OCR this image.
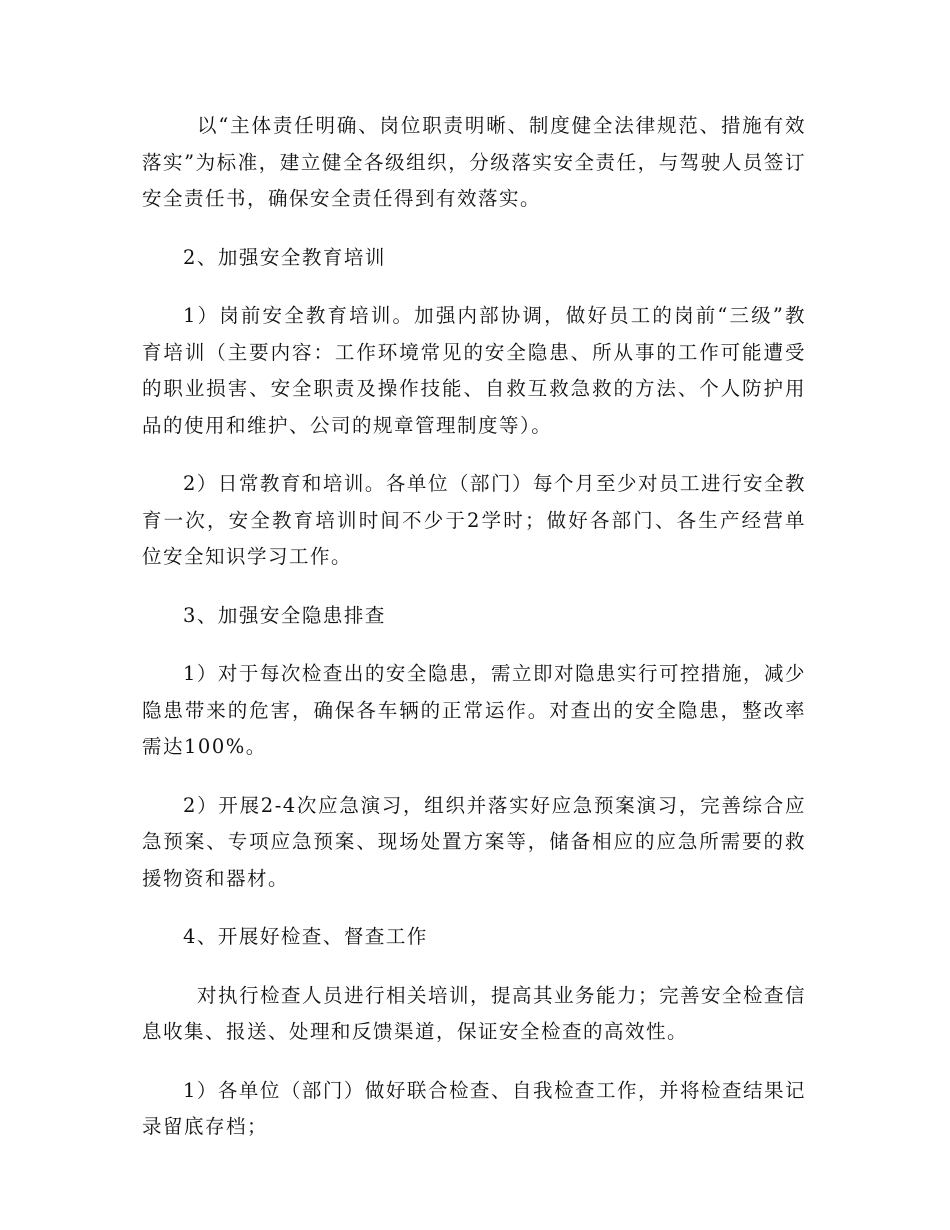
以“主体责任明确、岗位职责明晰、制度健全法律规范、措施有效落实”为标准，建立健全各级组织，分级落实安全责任，与驾驶人员签订安全责任书，确保安全责任得到有效落实。

2、加强安全教育培训

1）岗前安全教育培训。加强内部协调，做好员工的岗前“三级”教育培训（主要内容：工作环境常见的安全隐患、所从事的工作可能遭受的职业损害、安全职责及操作技能、自救互救急救的方法、个人防护用品的使用和维护、公司的规章管理制度等）。

2）日常教育和培训。各单位（部门）每个月至少对员工进行安全教育一次，安全教育培训时间不少于2学时；做好各部门、各生产经营单位安全知识学习工作。

3、加强安全隐患排查

1）对于每次检查出的安全隐患，需立即对隐患实行可控措施，减少隐患带来的危害，确保各车辆的正常运作。对查出的安全隐患，整改率需达100%。

2）开展2-4次应急演习，组织并落实好应急预案演习，完善综合应急预案、专项应急预案、现场处置方案等，储备相应的应急所需要的救援物资和器材。

4、开展好检查、督查工作

对执行检查人员进行相关培训，提高其业务能力；完善安全检查信息收集、报送、处理和反馈渠道，保证安全检查的高效性。

1）各单位（部门）做好联合检查、自我检查工作，并将检查结果记录留底存档；
